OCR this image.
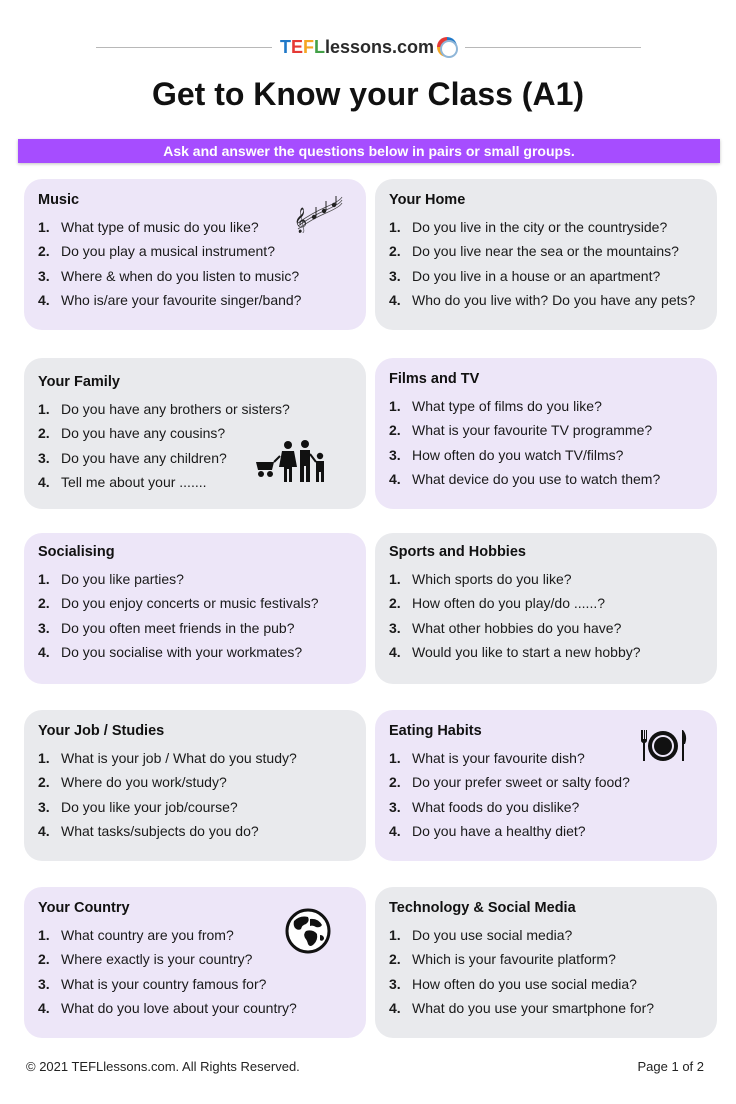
T E F L lessons.com
Get to Know your Class (A1)
Ask and answer the questions below in pairs or small groups.
Music
1. What type of music do you like?
2. Do you play a musical instrument?
3. Where & when do you listen to music?
4. Who is/are your favourite singer/band?
𝄞
Your Home
1. Do you live in the city or the countryside?
2. Do you live near the sea or the mountains?
3. Do you live in a house or an apartment?
4. Who do you live with? Do you have any pets?
Your Family
1. Do you have any brothers or sisters?
2. Do you have any cousins?
3. Do you have any children?
4. Tell me about your .......
Films and TV
1. What type of films do you like?
2. What is your favourite TV programme?
3. How often do you watch TV/films?
4. What device do you use to watch them?
Socialising
1. Do you like parties?
2. Do you enjoy concerts or music festivals?
3. Do you often meet friends in the pub?
4. Do you socialise with your workmates?
Sports and Hobbies
1. Which sports do you like?
2. How often do you play/do ......?
3. What other hobbies do you have?
4. Would you like to start a new hobby?
Your Job / Studies
1. What is your job / What do you study?
2. Where do you work/study?
3. Do you like your job/course?
4. What tasks/subjects do you do?
Eating Habits
1. What is your favourite dish?
2. Do your prefer sweet or salty food?
3. What foods do you dislike?
4. Do you have a healthy diet?
Your Country
1. What country are you from?
2. Where exactly is your country?
3. What is your country famous for?
4. What do you love about your country?
Technology & Social Media
1. Do you use social media?
2. Which is your favourite platform?
3. How often do you use social media?
4. What do you use your smartphone for?
© 2021 TEFLlessons.com. All Rights Reserved.	Page 1 of 2
